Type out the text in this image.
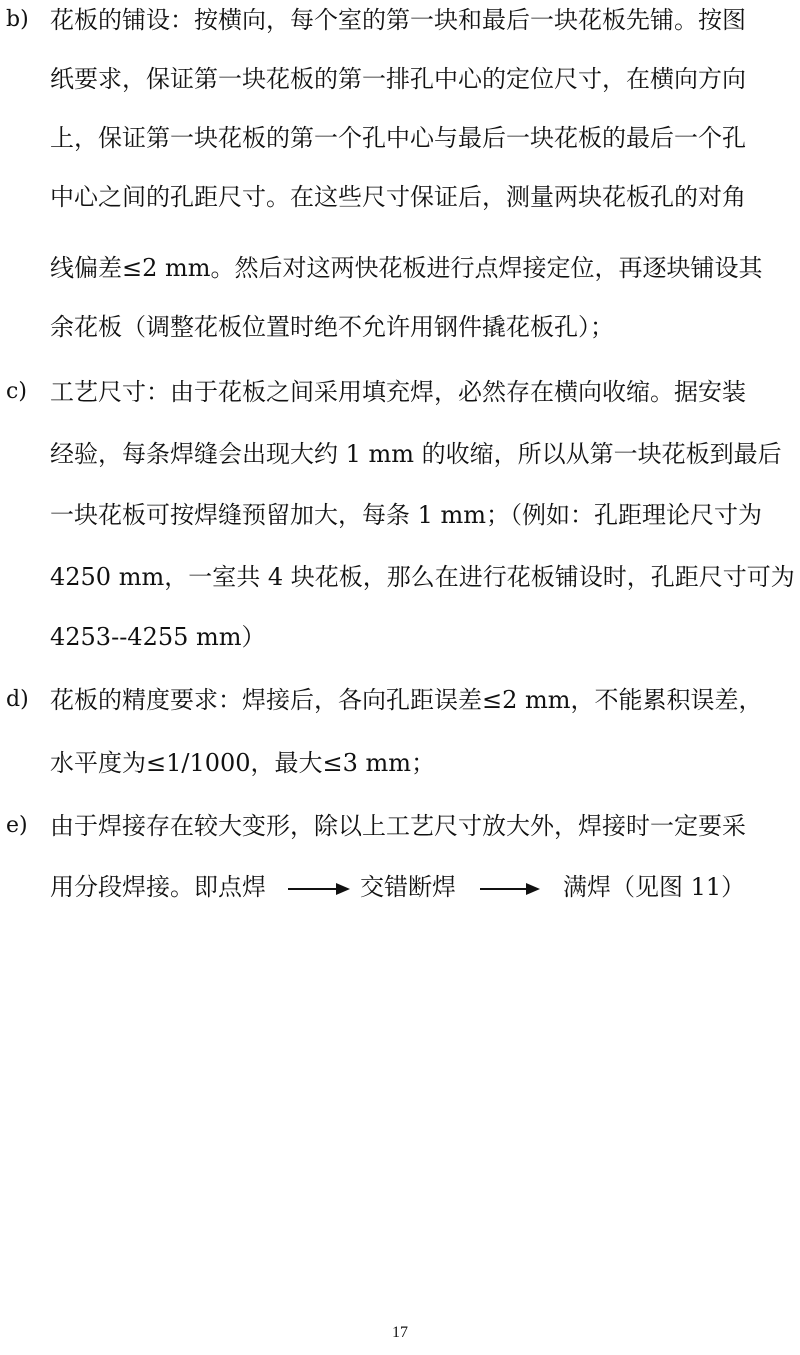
b) 花板的铺设：按横向，每个室的第一块和最后一块花板先铺。按图
纸要求，保证第一块花板的第一排孔中心的定位尺寸，在横向方向
上，保证第一块花板的第一个孔中心与最后一块花板的最后一个孔
中心之间的孔距尺寸。在这些尺寸保证后，测量两块花板孔的对角
线偏差≤2 mm。然后对这两快花板进行点焊接定位，再逐块铺设其
余花板（调整花板位置时绝不允许用钢件撬花板孔）；
c) 工艺尺寸：由于花板之间采用填充焊，必然存在横向收缩。据安装
经验，每条焊缝会出现大约 1 mm 的收缩，所以从第一块花板到最后
一块花板可按焊缝预留加大，每条 1 mm；（例如：孔距理论尺寸为
4250 mm，一室共 4 块花板，那么在进行花板铺设时，孔距尺寸可为
4253--4255 mm）
d) 花板的精度要求：焊接后，各向孔距误差≤2 mm，不能累积误差，
水平度为≤1/1000，最大≤3 mm；
e) 由于焊接存在较大变形，除以上工艺尺寸放大外，焊接时一定要采
用分段焊接。即点焊	交错断焊	满焊（见图 11）
17
